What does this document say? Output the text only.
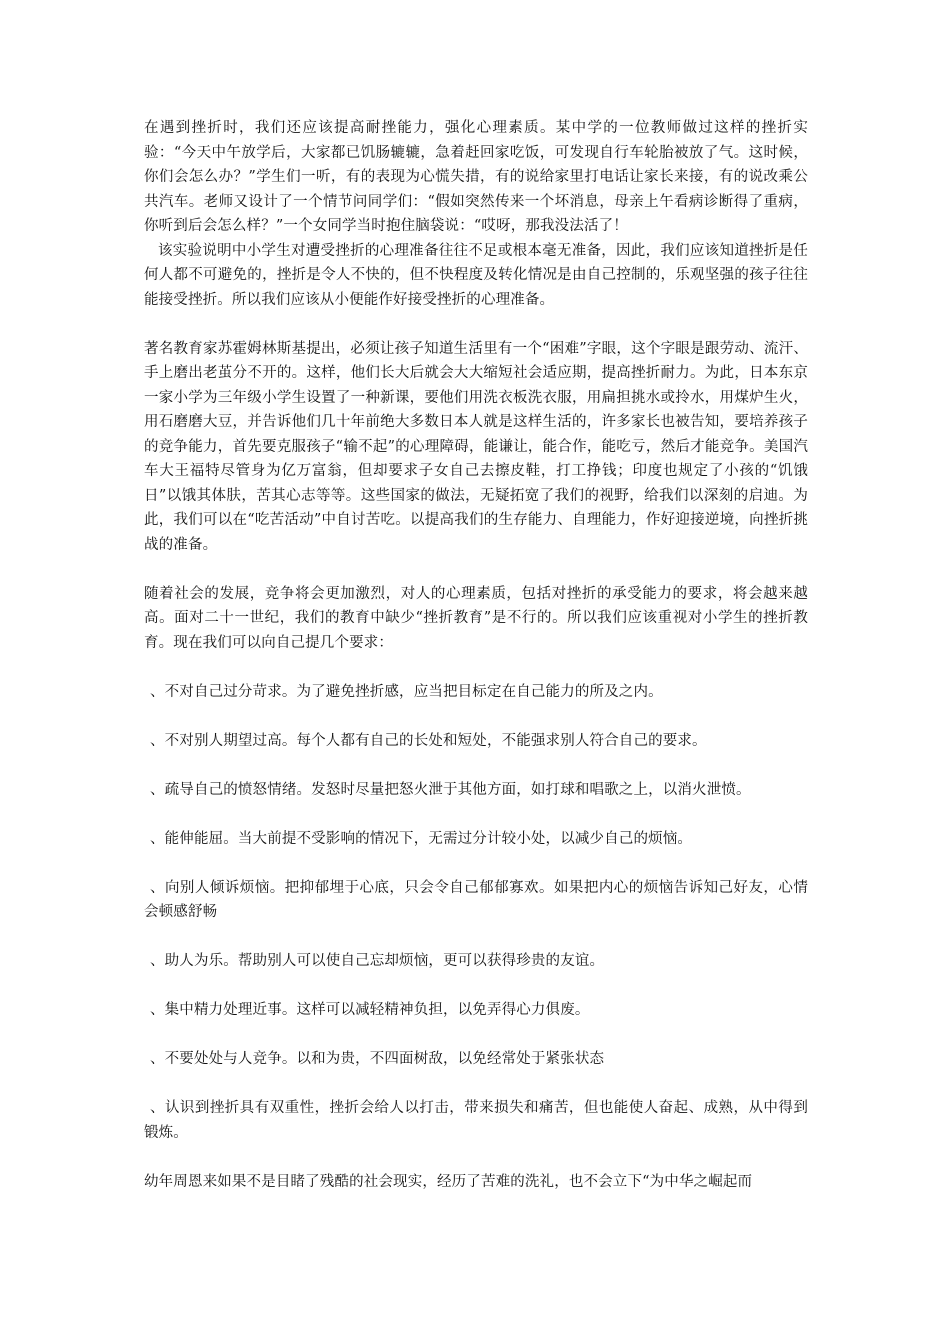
在遇到挫折时，我们还应该提高耐挫能力，强化心理素质。某中学的一位教师做过这样的挫折实验：“今天中午放学后，大家都已饥肠辘辘，急着赶回家吃饭，可发现自行车轮胎被放了气。这时候，你们会怎么办？”学生们一听，有的表现为心慌失措，有的说给家里打电话让家长来接，有的说改乘公共汽车。老师又设计了一个情节问同学们：“假如突然传来一个坏消息，母亲上午看病诊断得了重病，你听到后会怎么样？”一个女同学当时抱住脑袋说：“哎呀，那我没法活了！

该实验说明中小学生对遭受挫折的心理准备往往不足或根本毫无准备，因此，我们应该知道挫折是任何人都不可避免的，挫折是令人不快的，但不快程度及转化情况是由自己控制的，乐观坚强的孩子往往能接受挫折。所以我们应该从小便能作好接受挫折的心理准备。

著名教育家苏霍姆林斯基提出，必须让孩子知道生活里有一个“困难”字眼，这个字眼是跟劳动、流汗、手上磨出老茧分不开的。这样，他们长大后就会大大缩短社会适应期，提高挫折耐力。为此，日本东京一家小学为三年级小学生设置了一种新课，要他们用洗衣板洗衣服，用扁担挑水或拎水，用煤炉生火，用石磨磨大豆，并告诉他们几十年前绝大多数日本人就是这样生活的，许多家长也被告知，要培养孩子的竞争能力，首先要克服孩子“输不起”的心理障碍，能谦让，能合作，能吃亏，然后才能竞争。美国汽车大王福特尽管身为亿万富翁，但却要求子女自己去擦皮鞋，打工挣钱；印度也规定了小孩的“饥饿日”以饿其体肤，苦其心志等等。这些国家的做法，无疑拓宽了我们的视野，给我们以深刻的启迪。为此，我们可以在“吃苦活动”中自讨苦吃。以提高我们的生存能力、自理能力，作好迎接逆境，向挫折挑战的准备。

随着社会的发展，竞争将会更加激烈，对人的心理素质，包括对挫折的承受能力的要求，将会越来越高。面对二十一世纪，我们的教育中缺少“挫折教育”是不行的。所以我们应该重视对小学生的挫折教育。现在我们可以向自己提几个要求：

、不对自己过分苛求。为了避免挫折感，应当把目标定在自己能力的所及之内。

、不对别人期望过高。每个人都有自己的长处和短处，不能强求别人符合自己的要求。

、疏导自己的愤怒情绪。发怒时尽量把怒火泄于其他方面，如打球和唱歌之上，以消火泄愤。

、能伸能屈。当大前提不受影响的情况下，无需过分计较小处，以减少自己的烦恼。

、向别人倾诉烦恼。把抑郁埋于心底，只会令自己郁郁寡欢。如果把内心的烦恼告诉知己好友，心情会顿感舒畅

、助人为乐。帮助别人可以使自己忘却烦恼，更可以获得珍贵的友谊。

、集中精力处理近事。这样可以减轻精神负担，以免弄得心力俱废。

、不要处处与人竞争。以和为贵，不四面树敌，以免经常处于紧张状态

、认识到挫折具有双重性，挫折会给人以打击，带来损失和痛苦，但也能使人奋起、成熟，从中得到锻炼。

幼年周恩来如果不是目睹了残酷的社会现实，经历了苦难的洗礼，也不会立下“为中华之崛起而
